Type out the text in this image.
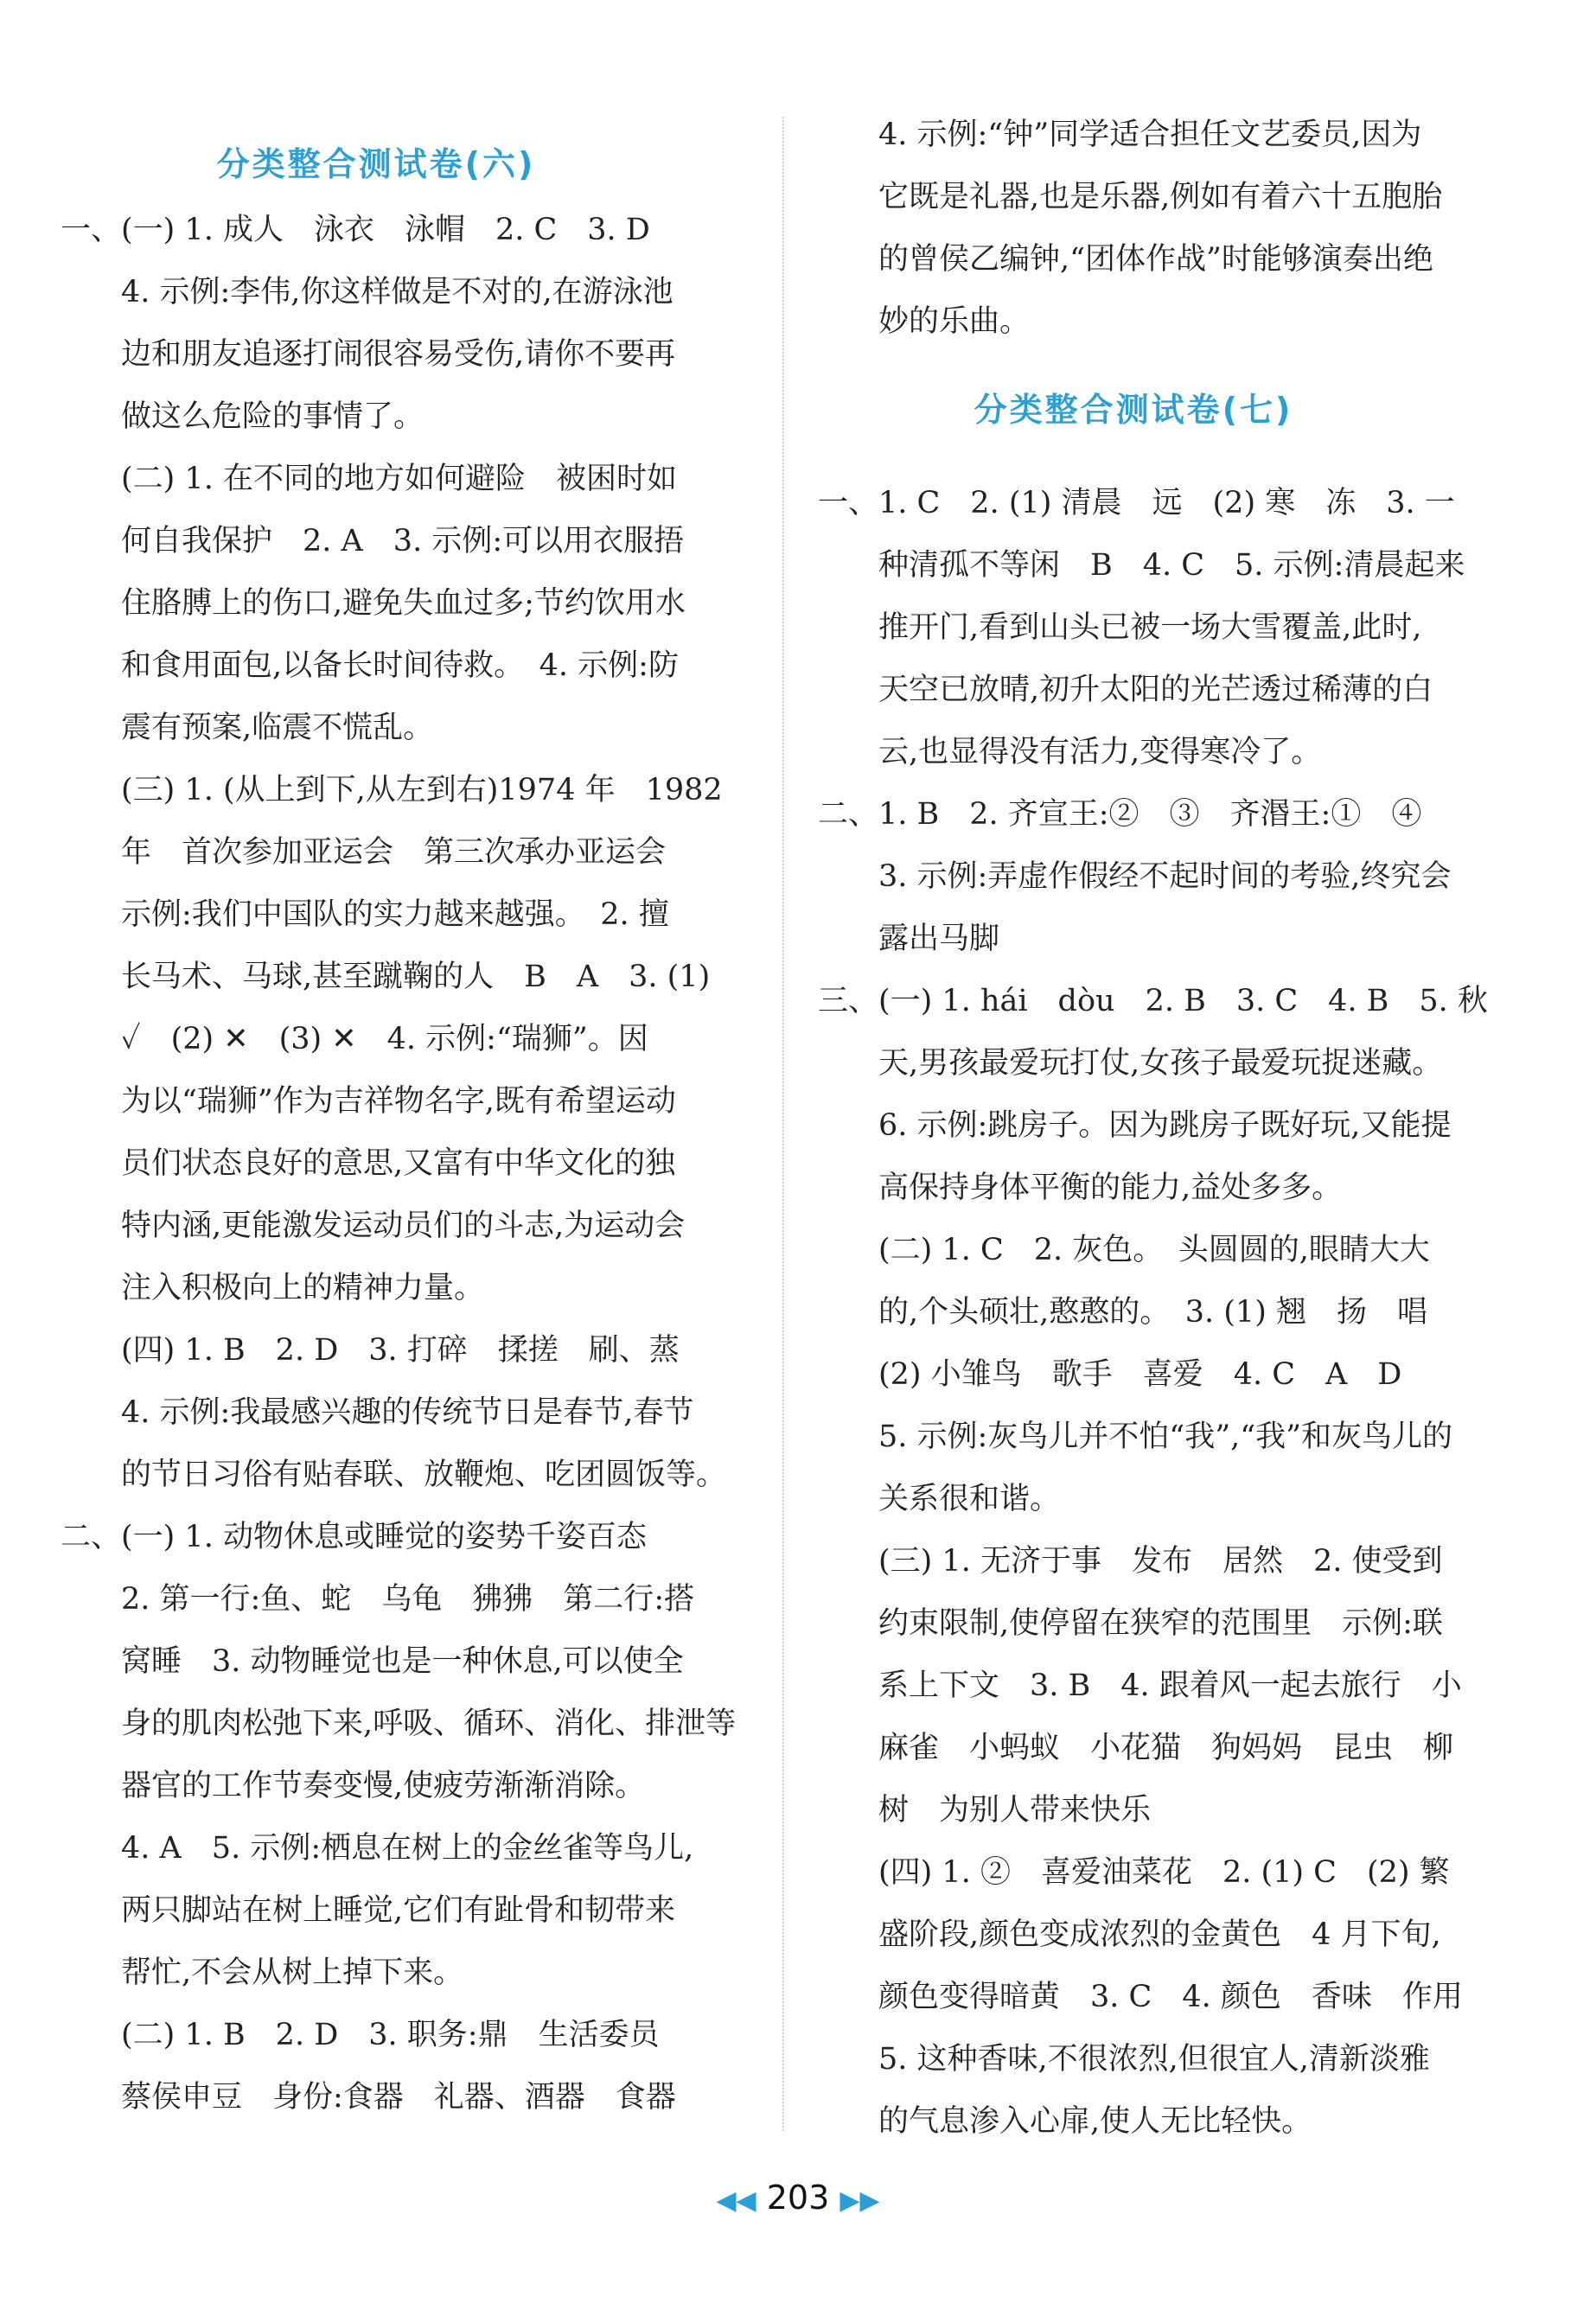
分类整合测试卷(六)
一、(一) 1. 成人　泳衣　泳帽　2. C　3. D
4. 示例:李伟,你这样做是不对的,在游泳池
边和朋友追逐打闹很容易受伤,请你不要再
做这么危险的事情了。
(二) 1. 在不同的地方如何避险　被困时如
何自我保护　2. A　3. 示例:可以用衣服捂
住胳膊上的伤口,避免失血过多;节约饮用水
和食用面包,以备长时间待救。　4. 示例:防
震有预案,临震不慌乱。
(三) 1. (从上到下,从左到右)1974 年　1982
年　首次参加亚运会　第三次承办亚运会
示例:我们中国队的实力越来越强。　2. 擅
长马术、马球,甚至蹴鞠的人　B　A　3. (1)
✓　(2) ✕　(3) ✕　4. 示例:“瑞狮”。因
为以“瑞狮”作为吉祥物名字,既有希望运动
员们状态良好的意思,又富有中华文化的独
特内涵,更能激发运动员们的斗志,为运动会
注入积极向上的精神力量。
(四) 1. B　2. D　3. 打碎　揉搓　刷、蒸
4. 示例:我最感兴趣的传统节日是春节,春节
的节日习俗有贴春联、放鞭炮、吃团圆饭等。
二、(一) 1. 动物休息或睡觉的姿势千姿百态
2. 第一行:鱼、蛇　乌龟　狒狒　第二行:搭
窝睡　3. 动物睡觉也是一种休息,可以使全
身的肌肉松弛下来,呼吸、循环、消化、排泄等
器官的工作节奏变慢,使疲劳渐渐消除。
4. A　5. 示例:栖息在树上的金丝雀等鸟儿,
两只脚站在树上睡觉,它们有趾骨和韧带来
帮忙,不会从树上掉下来。
(二) 1. B　2. D　3. 职务:鼎　生活委员
蔡侯申豆　身份:食器　礼器、酒器　食器
4. 示例:“钟”同学适合担任文艺委员,因为
它既是礼器,也是乐器,例如有着六十五胞胎
的曾侯乙编钟,“团体作战”时能够演奏出绝
妙的乐曲。
分类整合测试卷(七)
一、1. C　2. (1) 清晨　远　(2) 寒　冻　3. 一
种清孤不等闲　B　4. C　5. 示例:清晨起来
推开门,看到山头已被一场大雪覆盖,此时,
天空已放晴,初升太阳的光芒透过稀薄的白
云,也显得没有活力,变得寒冷了。
二、1. B　2. 齐宣王:②　③　齐湣王:①　④
3. 示例:弄虚作假经不起时间的考验,终究会
露出马脚
三、(一) 1. hái　dòu　2. B　3. C　4. B　5. 秋
天,男孩最爱玩打仗,女孩子最爱玩捉迷藏。
6. 示例:跳房子。因为跳房子既好玩,又能提
高保持身体平衡的能力,益处多多。
(二) 1. C　2. 灰色。　头圆圆的,眼睛大大
的,个头硕壮,憨憨的。　3. (1) 翘　扬　唱
(2) 小雏鸟　歌手　喜爱　4. C　A　D
5. 示例:灰鸟儿并不怕“我”,“我”和灰鸟儿的
关系很和谐。
(三) 1. 无济于事　发布　居然　2. 使受到
约束限制,使停留在狭窄的范围里　示例:联
系上下文　3. B　4. 跟着风一起去旅行　小
麻雀　小蚂蚁　小花猫　狗妈妈　昆虫　柳
树　为别人带来快乐
(四) 1. ②　喜爱油菜花　2. (1) C　(2) 繁
盛阶段,颜色变成浓烈的金黄色　4 月下旬,
颜色变得暗黄　3. C　4. 颜色　香味　作用
5. 这种香味,不很浓烈,但很宜人,清新淡雅
的气息渗入心扉,使人无比轻快。
◀◀ 203 ▶▶
